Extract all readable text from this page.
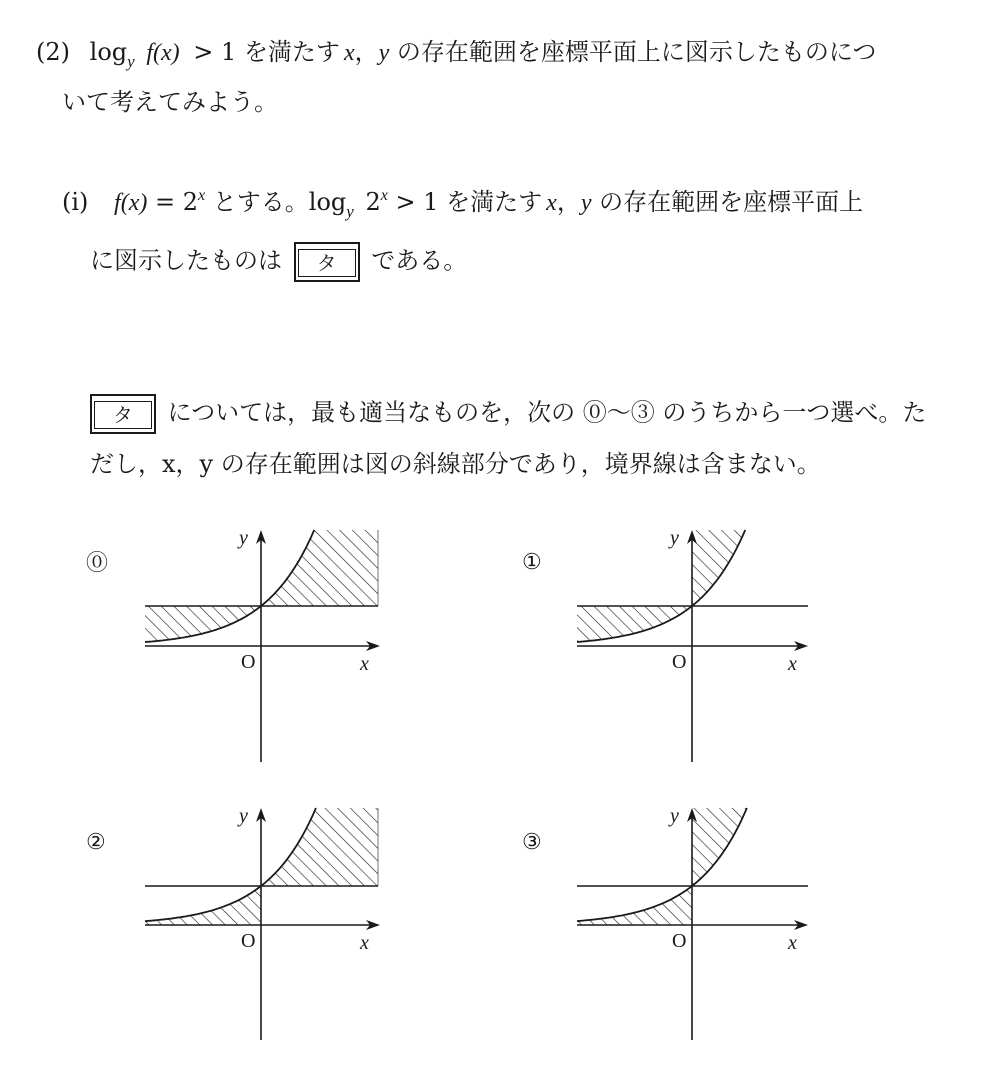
(2) $\log_y f(x) > 1$ を満たす x，y の存在範囲を座標平面上に図示したものにつ
いて考えてみよう。
(i) $f(x) = 2^x$ とする。$\log_y 2^x > 1$ を満たす x，y の存在範囲を座標平面上
に図示したものは タ である。
タ については，最も適当なものを，次の ⓪～③ のうちから一つ選べ。た
だし，x，y の存在範囲は図の斜線部分であり，境界線は含まない。
⓪	①
②	③
x
y
O	x
y
O
x
y
O	x
y
O
